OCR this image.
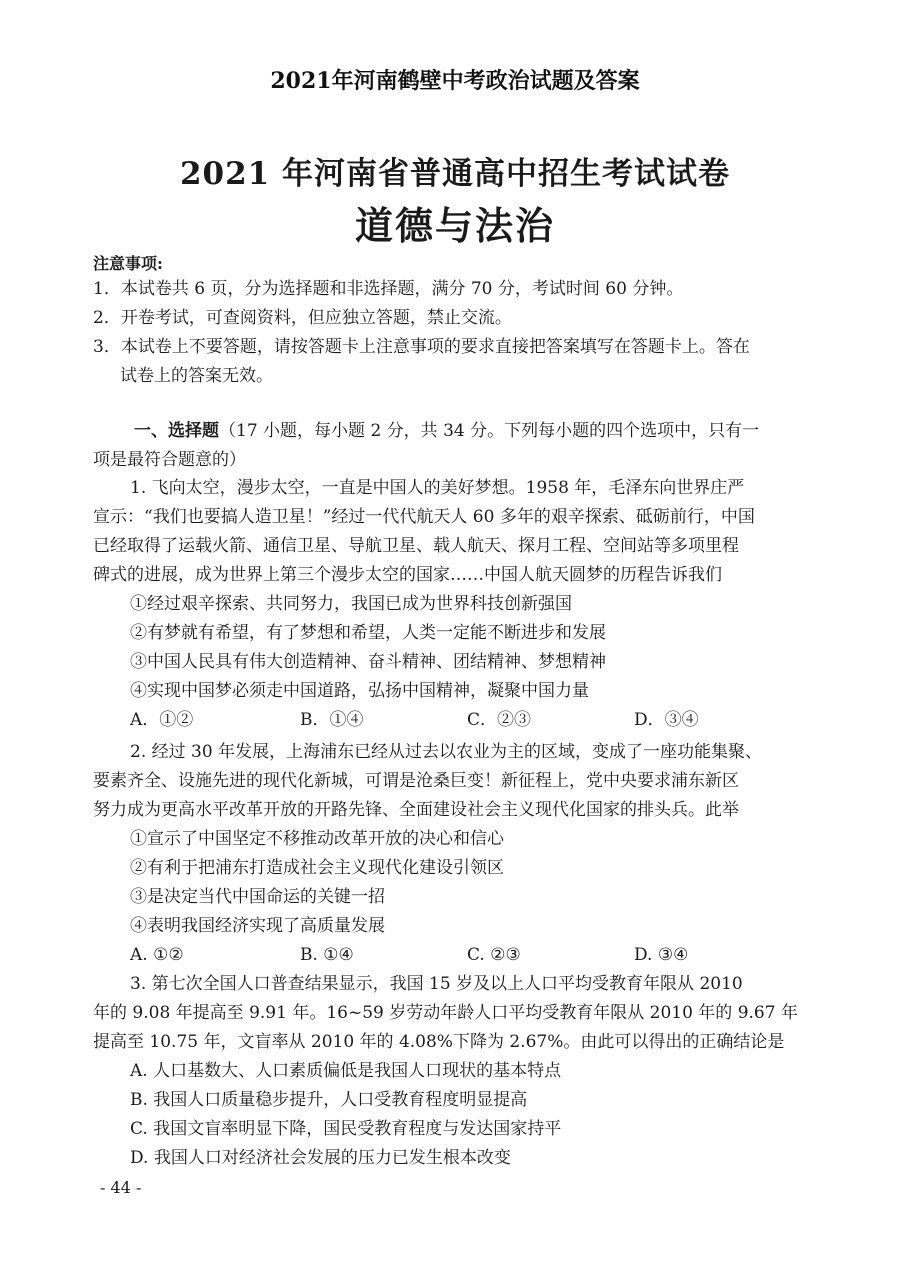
2021年河南鹤壁中考政治试题及答案
2021 年河南省普通高中招生考试试卷
道德与法治
注意事项:
1．本试卷共 6 页，分为选择题和非选择题，满分 70 分，考试时间 60 分钟。
2．开卷考试，可查阅资料，但应独立答题，禁止交流。
3．本试卷上不要答题，请按答题卡上注意事项的要求直接把答案填写在答题卡上。答在
试卷上的答案无效。
一、选择题（17 小题，每小题 2 分，共 34 分。下列每小题的四个选项中，只有一
项是最符合题意的）
1. 飞向太空，漫步太空，一直是中国人的美好梦想。1958 年，毛泽东向世界庄严
宣示：“我们也要搞人造卫星！”经过一代代航天人 60 多年的艰辛探索、砥砺前行，中国
已经取得了运载火箭、通信卫星、导航卫星、载人航天、探月工程、空间站等多项里程
碑式的进展，成为世界上第三个漫步太空的国家……中国人航天圆梦的历程告诉我们
①经过艰辛探索、共同努力，我国已成为世界科技创新强国
②有梦就有希望，有了梦想和希望，人类一定能不断进步和发展
③中国人民具有伟大创造精神、奋斗精神、团结精神、梦想精神
④实现中国梦必须走中国道路，弘扬中国精神，凝聚中国力量
A．①②	B．①④	C．②③	D．③④
2. 经过 30 年发展，上海浦东已经从过去以农业为主的区域，变成了一座功能集聚、
要素齐全、设施先进的现代化新城，可谓是沧桑巨变！新征程上，党中央要求浦东新区
努力成为更高水平改革开放的开路先锋、全面建设社会主义现代化国家的排头兵。此举
①宣示了中国坚定不移推动改革开放的决心和信心
②有利于把浦东打造成社会主义现代化建设引领区
③是决定当代中国命运的关键一招
④表明我国经济实现了高质量发展
A. ①②	B. ①④	C. ②③	D. ③④
3. 第七次全国人口普查结果显示，我国 15 岁及以上人口平均受教育年限从 2010
年的 9.08 年提高至 9.91 年。16~59 岁劳动年龄人口平均受教育年限从 2010 年的 9.67 年
提高至 10.75 年，文盲率从 2010 年的 4.08%下降为 2.67%。由此可以得出的正确结论是
A. 人口基数大、人口素质偏低是我国人口现状的基本特点
B. 我国人口质量稳步提升，人口受教育程度明显提高
C. 我国文盲率明显下降，国民受教育程度与发达国家持平
D. 我国人口对经济社会发展的压力已发生根本改变
- 44 -
